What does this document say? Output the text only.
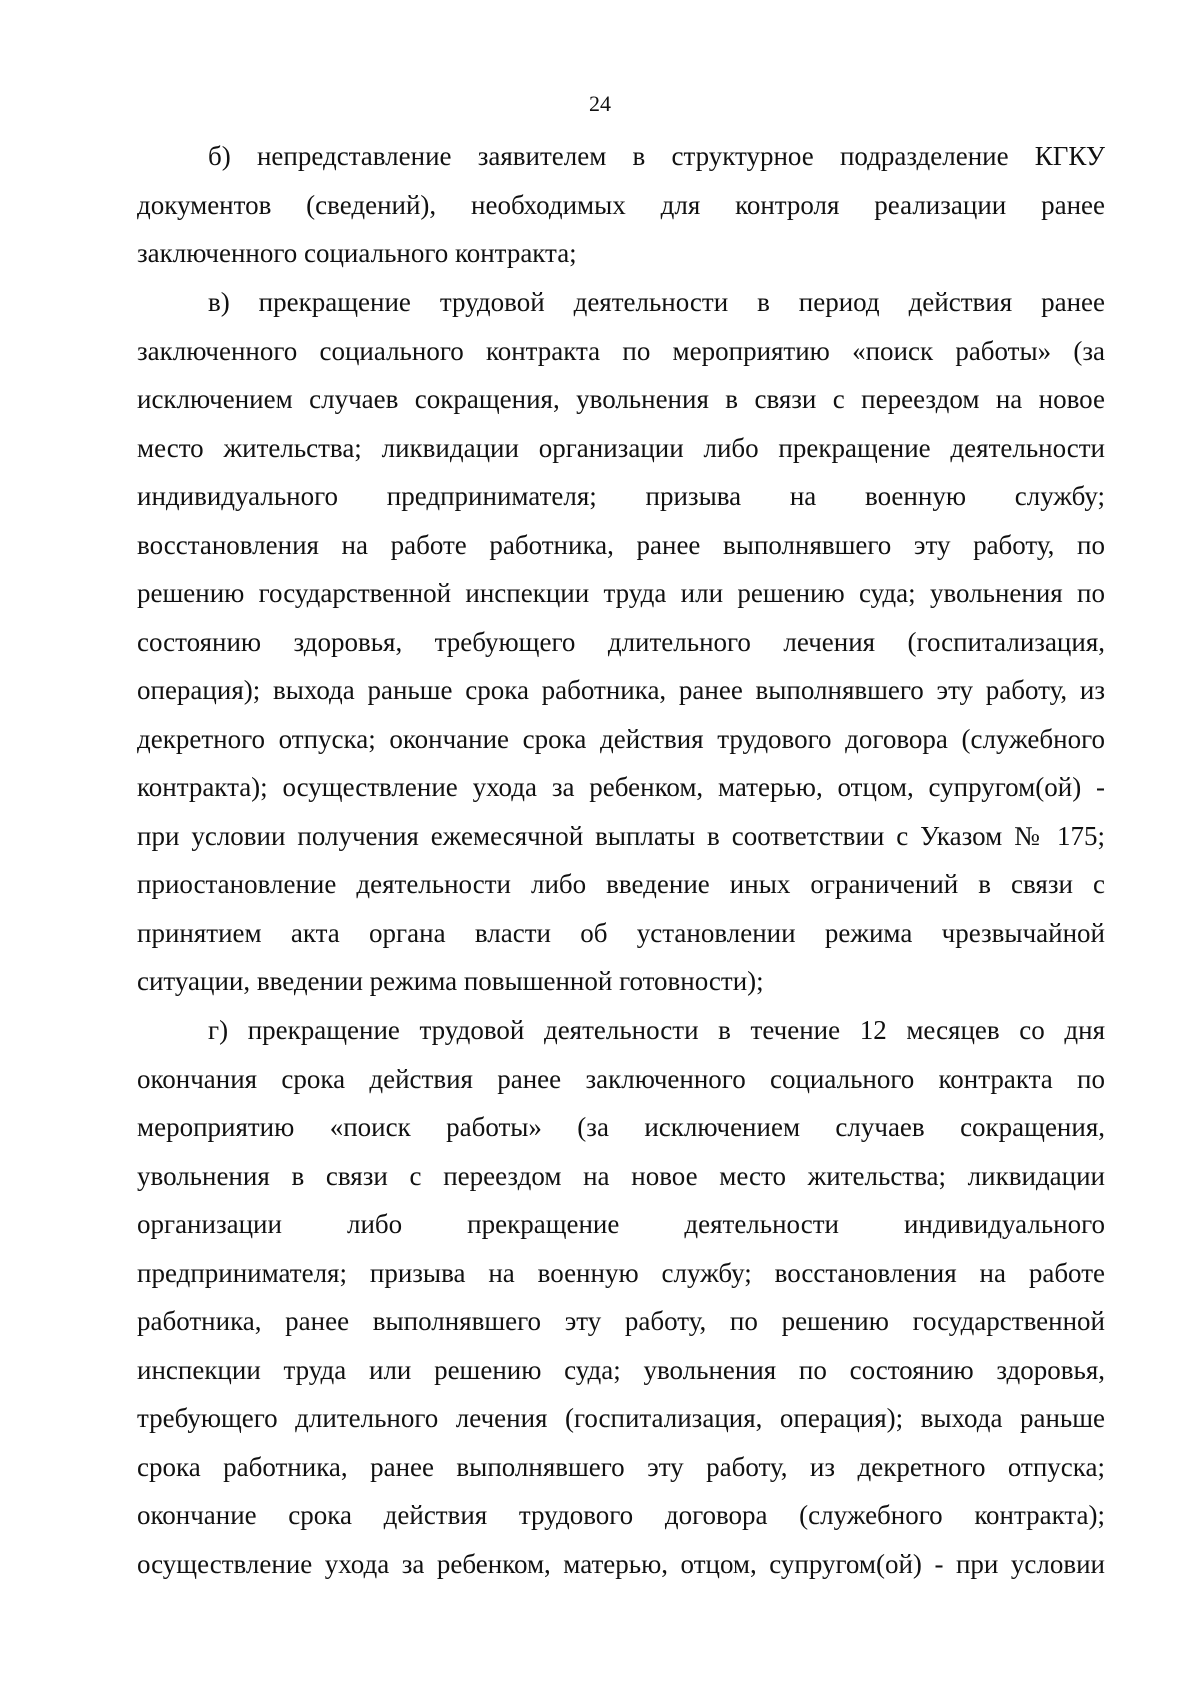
24
б) непредставление заявителем в структурное подразделение КГКУ
документов (сведений), необходимых для контроля реализации ранее
заключенного социального контракта;
в) прекращение трудовой деятельности в период действия ранее
заключенного социального контракта по мероприятию «поиск работы» (за
исключением случаев сокращения, увольнения в связи с переездом на новое
место жительства; ликвидации организации либо прекращение деятельности
индивидуального предпринимателя; призыва на военную службу;
восстановления на работе работника, ранее выполнявшего эту работу, по
решению государственной инспекции труда или решению суда; увольнения по
состоянию здоровья, требующего длительного лечения (госпитализация,
операция); выхода раньше срока работника, ранее выполнявшего эту работу, из
декретного отпуска; окончание срока действия трудового договора (служебного
контракта); осуществление ухода за ребенком, матерью, отцом, супругом(ой) -
при условии получения ежемесячной выплаты в соответствии с Указом № 175;
приостановление деятельности либо введение иных ограничений в связи с
принятием акта органа власти об установлении режима чрезвычайной
ситуации, введении режима повышенной готовности);
г) прекращение трудовой деятельности в течение 12 месяцев со дня
окончания срока действия ранее заключенного социального контракта по
мероприятию «поиск работы» (за исключением случаев сокращения,
увольнения в связи с переездом на новое место жительства; ликвидации
организации либо прекращение деятельности индивидуального
предпринимателя; призыва на военную службу; восстановления на работе
работника, ранее выполнявшего эту работу, по решению государственной
инспекции труда или решению суда; увольнения по состоянию здоровья,
требующего длительного лечения (госпитализация, операция); выхода раньше
срока работника, ранее выполнявшего эту работу, из декретного отпуска;
окончание срока действия трудового договора (служебного контракта);
осуществление ухода за ребенком, матерью, отцом, супругом(ой) - при условии
